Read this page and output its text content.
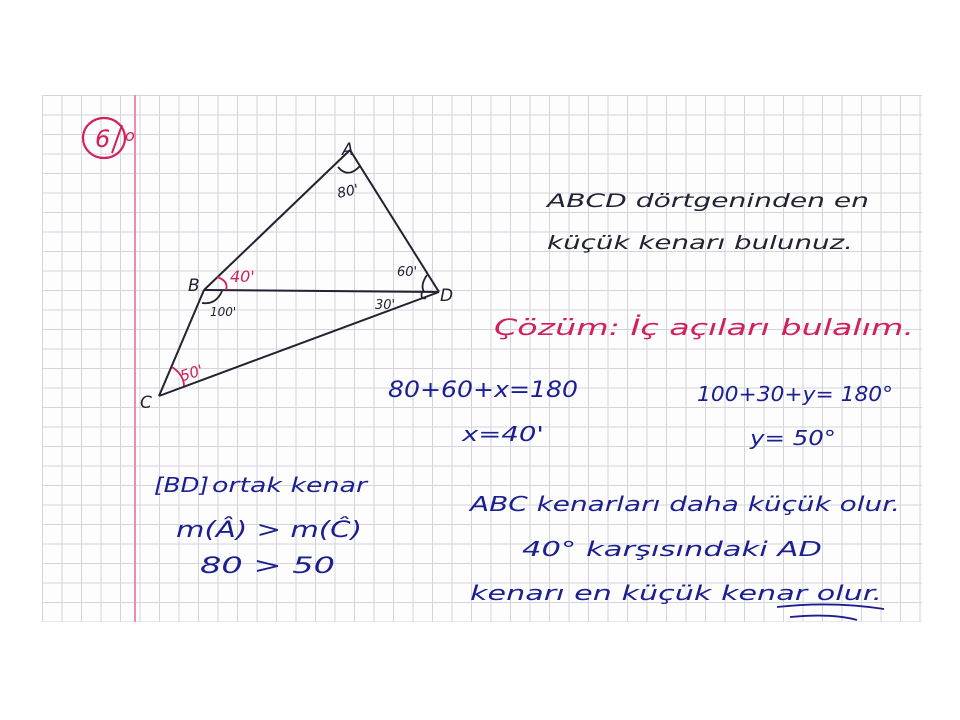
6 o
A
B
C
D
80'
100'
40'
50'
60'
30'
ABCD dörtgeninden en
küçük kenarı bulunuz.
Çözüm: İç açıları bulalım.
80+60+x=180
x=40'
100+30+y= 180°
y= 50°
[BD] ortak kenar
m(Â) > m(Ĉ)
80 > 50
ABC kenarları daha küçük olur.
40° karşısındaki AD
kenarı en küçük kenar olur.
